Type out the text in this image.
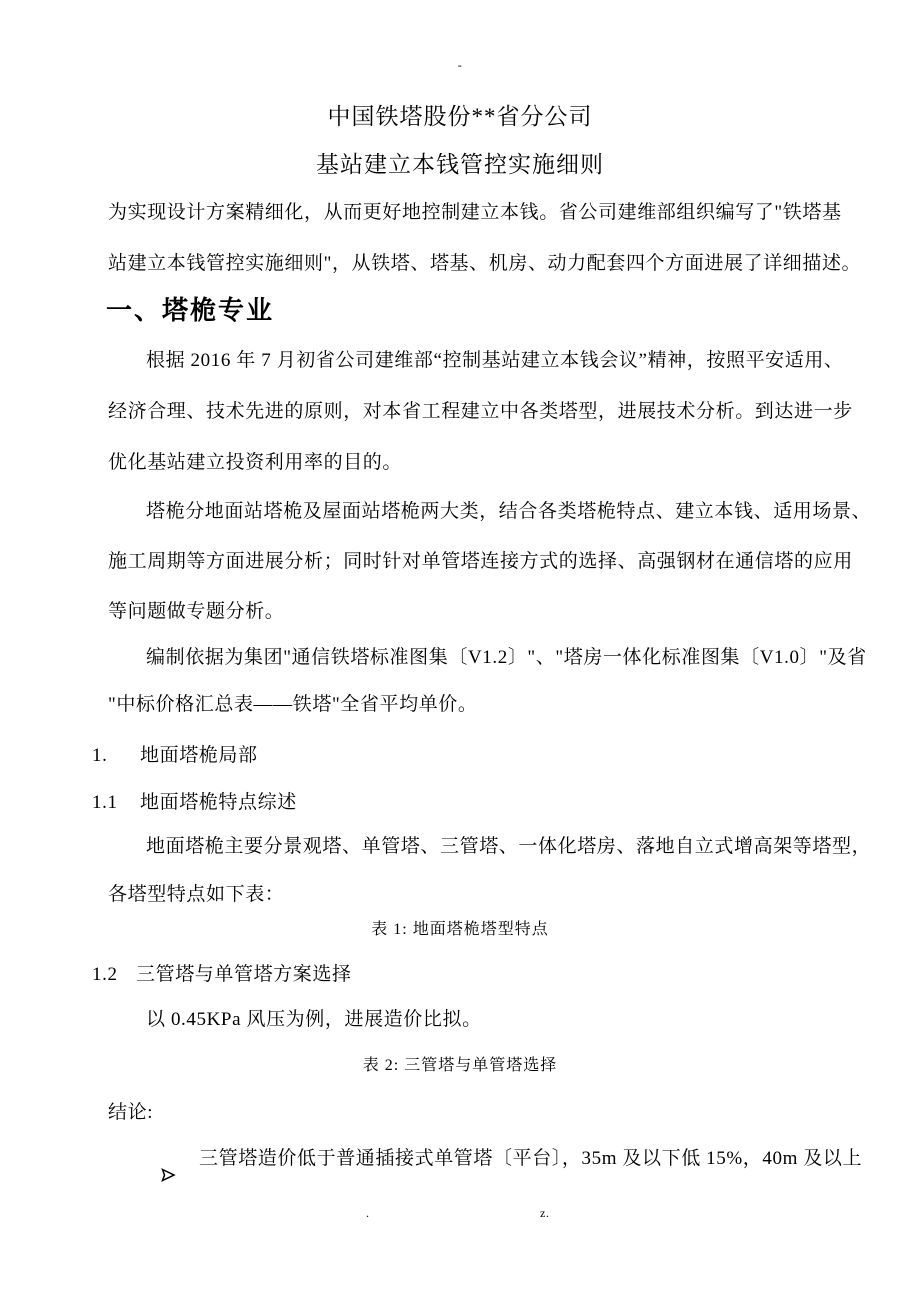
-
中国铁塔股份**省分公司
基站建立本钱管控实施细则
为实现设计方案精细化，从而更好地控制建立本钱。省公司建维部组织编写了"铁塔基
站建立本钱管控实施细则"，从铁塔、塔基、机房、动力配套四个方面进展了详细描述。
一、塔桅专业
根据 2016 年 7 月初省公司建维部“控制基站建立本钱会议”精神，按照平安适用、
经济合理、技术先进的原则，对本省工程建立中各类塔型，进展技术分析。到达进一步
优化基站建立投资利用率的目的。
塔桅分地面站塔桅及屋面站塔桅两大类，结合各类塔桅特点、建立本钱、适用场景、
施工周期等方面进展分析；同时针对单管塔连接方式的选择、高强钢材在通信塔的应用
等问题做专题分析。
编制依据为集团"通信铁塔标准图集〔V1.2〕"、"塔房一体化标准图集〔V1.0〕"及省
"中标价格汇总表——铁塔"全省平均单价。
1. 地面塔桅局部
1.1 地面塔桅特点综述
地面塔桅主要分景观塔、单管塔、三管塔、一体化塔房、落地自立式增高架等塔型，
各塔型特点如下表：
表 1: 地面塔桅塔型特点
1.2 三管塔与单管塔方案选择
以 0.45KPa 风压为例，进展造价比拟。
表 2: 三管塔与单管塔选择
结论:

三管塔造价低于普通插接式单管塔〔平台〕，35m 及以下低 15%，40m 及以上
.	z.
